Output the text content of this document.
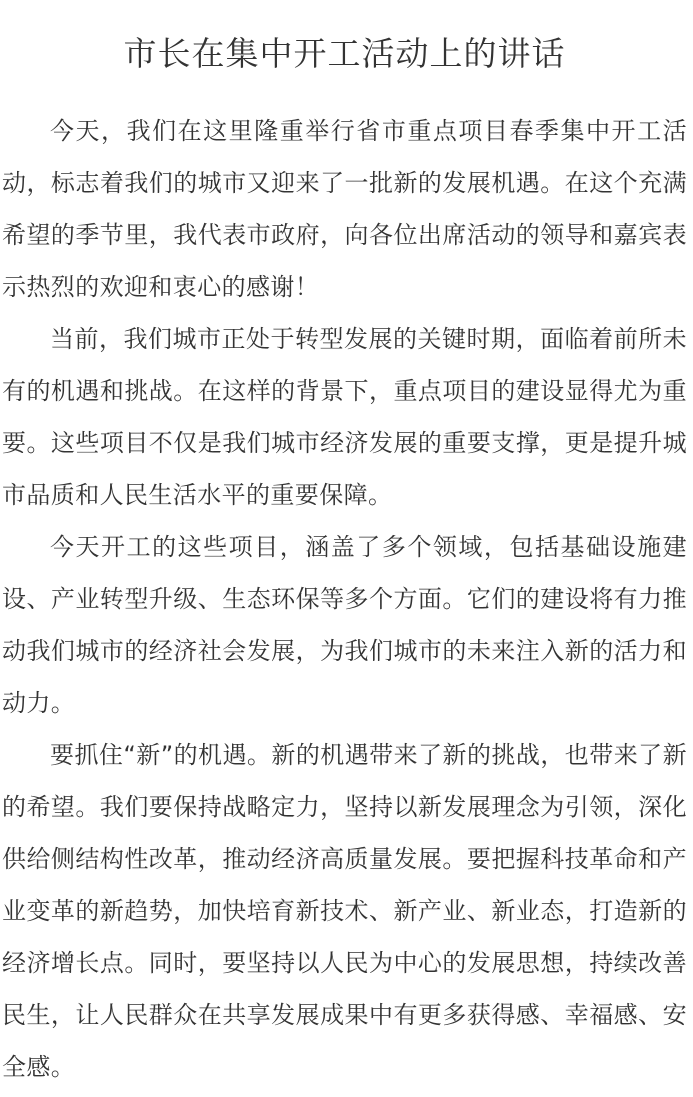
市长在集中开工活动上的讲话

今天，我们在这里隆重举行省市重点项目春季集中开工活动，标志着我们的城市又迎来了一批新的发展机遇。在这个充满希望的季节里，我代表市政府，向各位出席活动的领导和嘉宾表示热烈的欢迎和衷心的感谢！

当前，我们城市正处于转型发展的关键时期，面临着前所未有的机遇和挑战。在这样的背景下，重点项目的建设显得尤为重要。这些项目不仅是我们城市经济发展的重要支撑，更是提升城市品质和人民生活水平的重要保障。

今天开工的这些项目，涵盖了多个领域，包括基础设施建设、产业转型升级、生态环保等多个方面。它们的建设将有力推动我们城市的经济社会发展，为我们城市的未来注入新的活力和动力。

要抓住“新”的机遇。新的机遇带来了新的挑战，也带来了新的希望。我们要保持战略定力，坚持以新发展理念为引领，深化供给侧结构性改革，推动经济高质量发展。要把握科技革命和产业变革的新趋势，加快培育新技术、新产业、新业态，打造新的经济增长点。同时，要坚持以人民为中心的发展思想，持续改善民生，让人民群众在共享发展成果中有更多获得感、幸福感、安全感。
